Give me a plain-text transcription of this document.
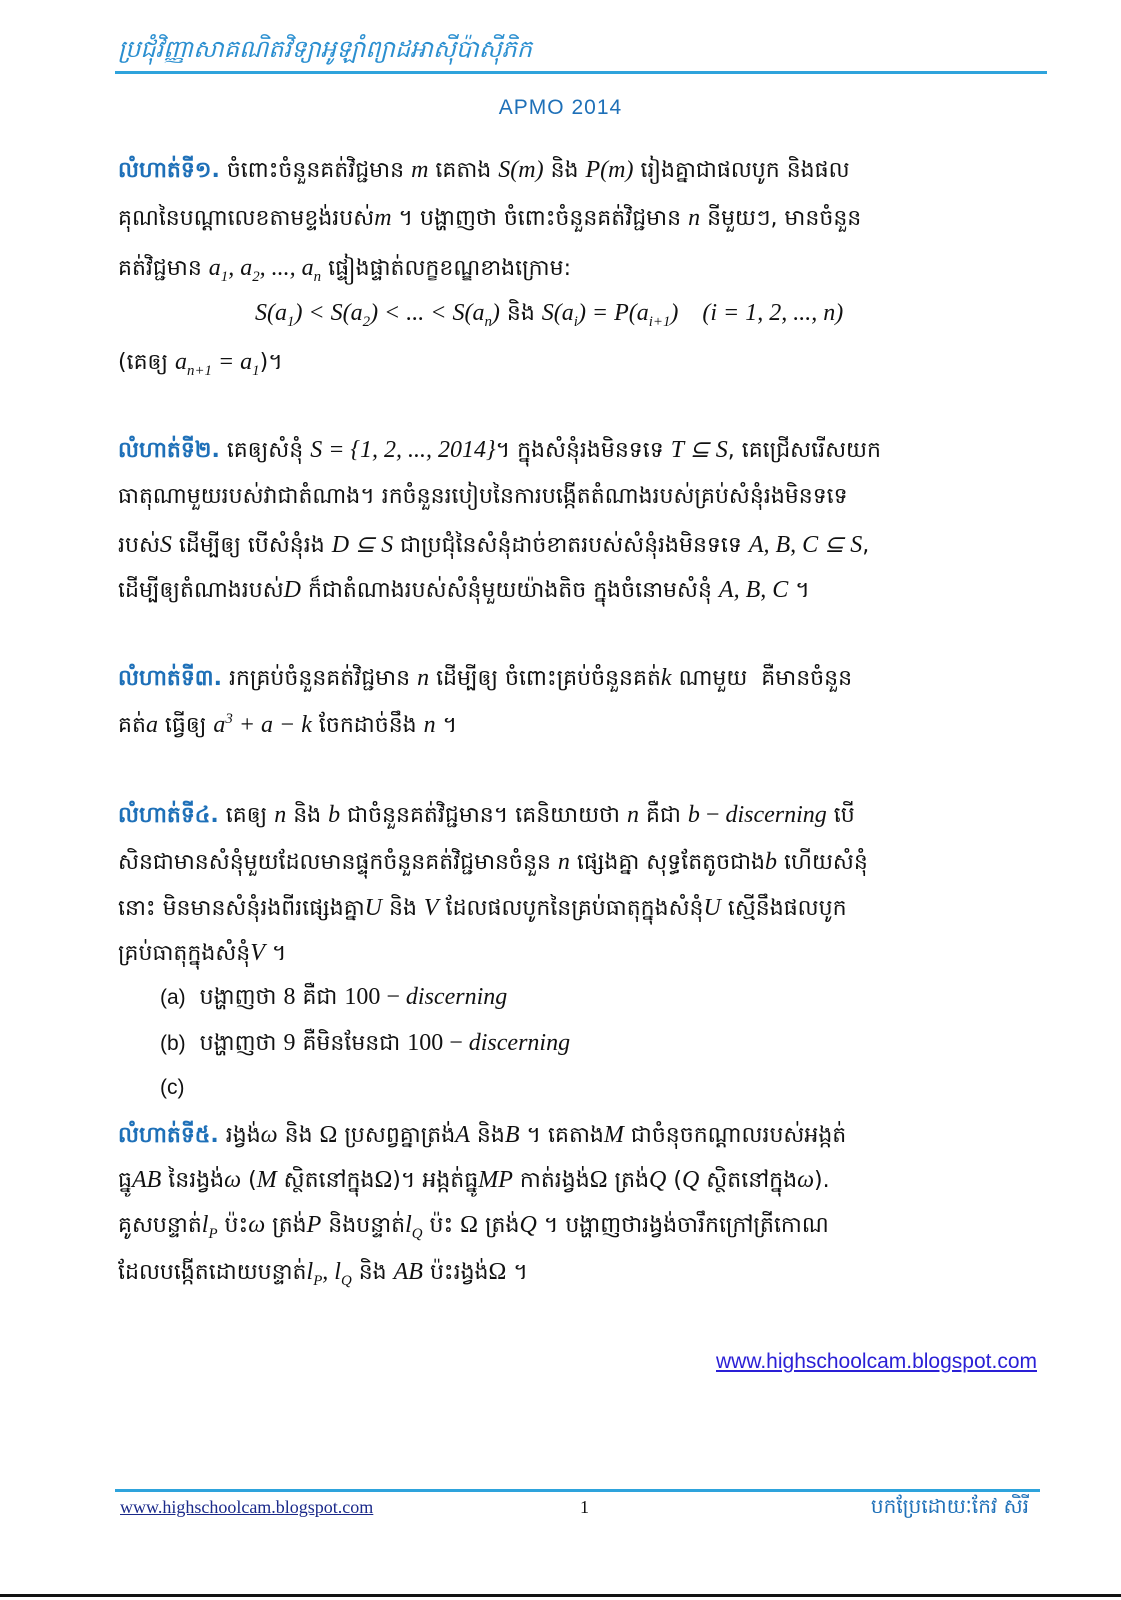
ប្រជុំវិញ្ញាសាគណិតវិទ្យាអូឡាំព្យាដអាស៊ីប៉ាស៊ីភិក
APMO 2014
លំហាត់ទី១. ចំពោះចំនួនគត់វិជ្ជមាន m គេតាង S(m) និង P(m) រៀងគ្នាជាផលបូក និងផល
គុណនៃបណ្តាលេខតាមខ្ទង់របស់m ។ បង្ហាញថា ចំពោះចំនួនគត់វិជ្ជមាន n នីមួយៗ, មានចំនួន
គត់វិជ្ជមាន $a_1$, $a_2$, ..., $a_n$ ផ្ទៀងផ្ទាត់លក្ខខណ្ឌខាងក្រោម:
$S(a_1) < S(a_2)$ < ... < $S(a_n)$ និង $S(a_i) = P(a_{i+1})$    (i = 1, 2, ..., n)
(គេឲ្យ $a_{n+1} = a_1$)។
លំហាត់ទី២. គេឲ្យសំនុំ S = {1, 2, ..., 2014}។ ក្នុងសំនុំរងមិនទទេ T ⊆ S, គេជ្រើសរើសយក
ធាតុណាមួយរបស់វាជាតំណាង។ រកចំនួនរបៀបនៃការបង្កើតតំណាងរបស់គ្រប់សំនុំរងមិនទទេ
របស់S ដើម្បីឲ្យ បើសំនុំរង D ⊆ S ជាប្រជុំនៃសំនុំដាច់ខាតរបស់សំនុំរងមិនទទេ A, B, C ⊆ S,
ដើម្បីឲ្យតំណាងរបស់D ក៏ជាតំណាងរបស់សំនុំមួយយ៉ាងតិច ក្នុងចំនោមសំនុំ A, B, C ។
លំហាត់ទី៣. រកគ្រប់ចំនួនគត់វិជ្ជមាន n ដើម្បីឲ្យ ចំពោះគ្រប់ចំនួនគត់k ណាមួយ  គឺមានចំនួន
គត់a ធ្វើឲ្យ $a^3 + a - k$ ចែកដាច់នឹង n ។
លំហាត់ទី៤. គេឲ្យ n និង b ជាចំនួនគត់វិជ្ជមាន។ គេនិយាយថា n គឺជា b − discerning បើ
សិនជាមានសំនុំមួយដែលមានផ្ទុកចំនួនគត់វិជ្ជមានចំនួន n ផ្សេងគ្នា សុទ្ធតែតូចជាងb ហើយសំនុំ
នោះ មិនមានសំនុំរងពីរផ្សេងគ្នាU និង V ដែលផលបូកនៃគ្រប់ធាតុក្នុងសំនុំU ស្មើនឹងផលបូក
គ្រប់ធាតុក្នុងសំនុំV ។
(a)  បង្ហាញថា 8 គឺជា 100 − discerning
(b)  បង្ហាញថា 9 គឺមិនមែនជា 100 − discerning
(c)
លំហាត់ទី៥. រង្វង់ω និង Ω ប្រសព្វគ្នាត្រង់A និងB ។ គេតាងM ជាចំនុចកណ្តាលរបស់អង្កត់
ធ្នូAB នៃរង្វង់ω (M ស្ថិតនៅក្នុងΩ)។ អង្កត់ធ្នូMP កាត់រង្វង់Ω ត្រង់Q (Q ស្ថិតនៅក្នុងω).
គូសបន្ទាត់$l_P$ ប៉ះω ត្រង់P និងបន្ទាត់$l_Q$ ប៉ះ Ω ត្រង់Q ។ បង្ហាញថារង្វង់ចារឹកក្រៅត្រីកោណ
ដែលបង្កើតដោយបន្ទាត់$l_P$, $l_Q$ និង AB ប៉ះរង្វង់Ω ។
www.highschoolcam.blogspot.com
www.highschoolcam.blogspot.com	1	បកប្រែដោយៈកែវ សិរី
